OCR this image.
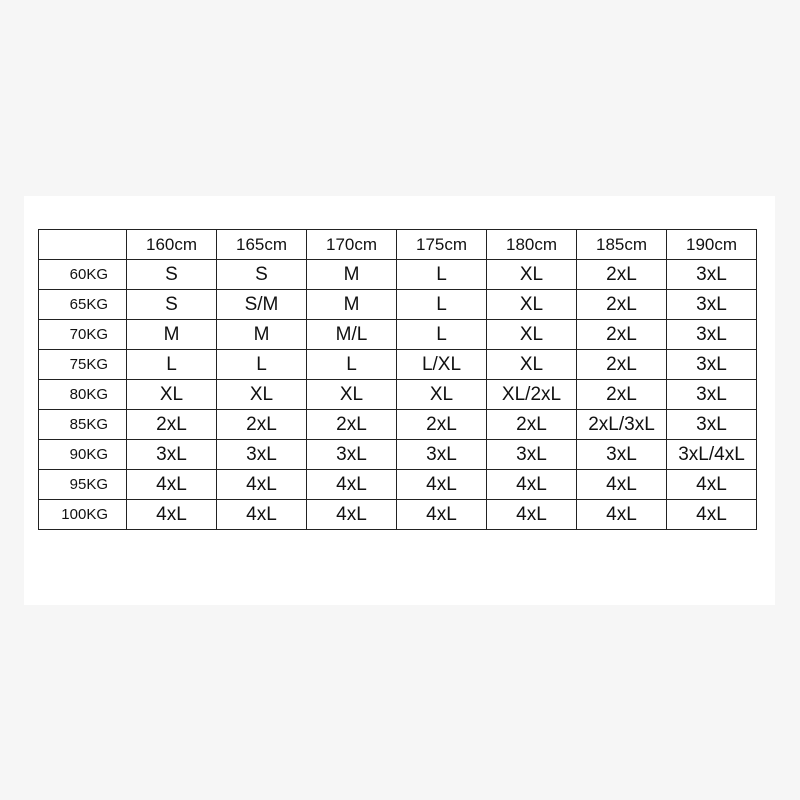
	160cm	165cm	170cm	175cm	180cm	185cm	190cm
60KG	S	S	M	L	XL	2xL	3xL
65KG	S	S/M	M	L	XL	2xL	3xL
70KG	M	M	M/L	L	XL	2xL	3xL
75KG	L	L	L	L/XL	XL	2xL	3xL
80KG	XL	XL	XL	XL	XL/2xL	2xL	3xL
85KG	2xL	2xL	2xL	2xL	2xL	2xL/3xL	3xL
90KG	3xL	3xL	3xL	3xL	3xL	3xL	3xL/4xL
95KG	4xL	4xL	4xL	4xL	4xL	4xL	4xL
100KG	4xL	4xL	4xL	4xL	4xL	4xL	4xL
